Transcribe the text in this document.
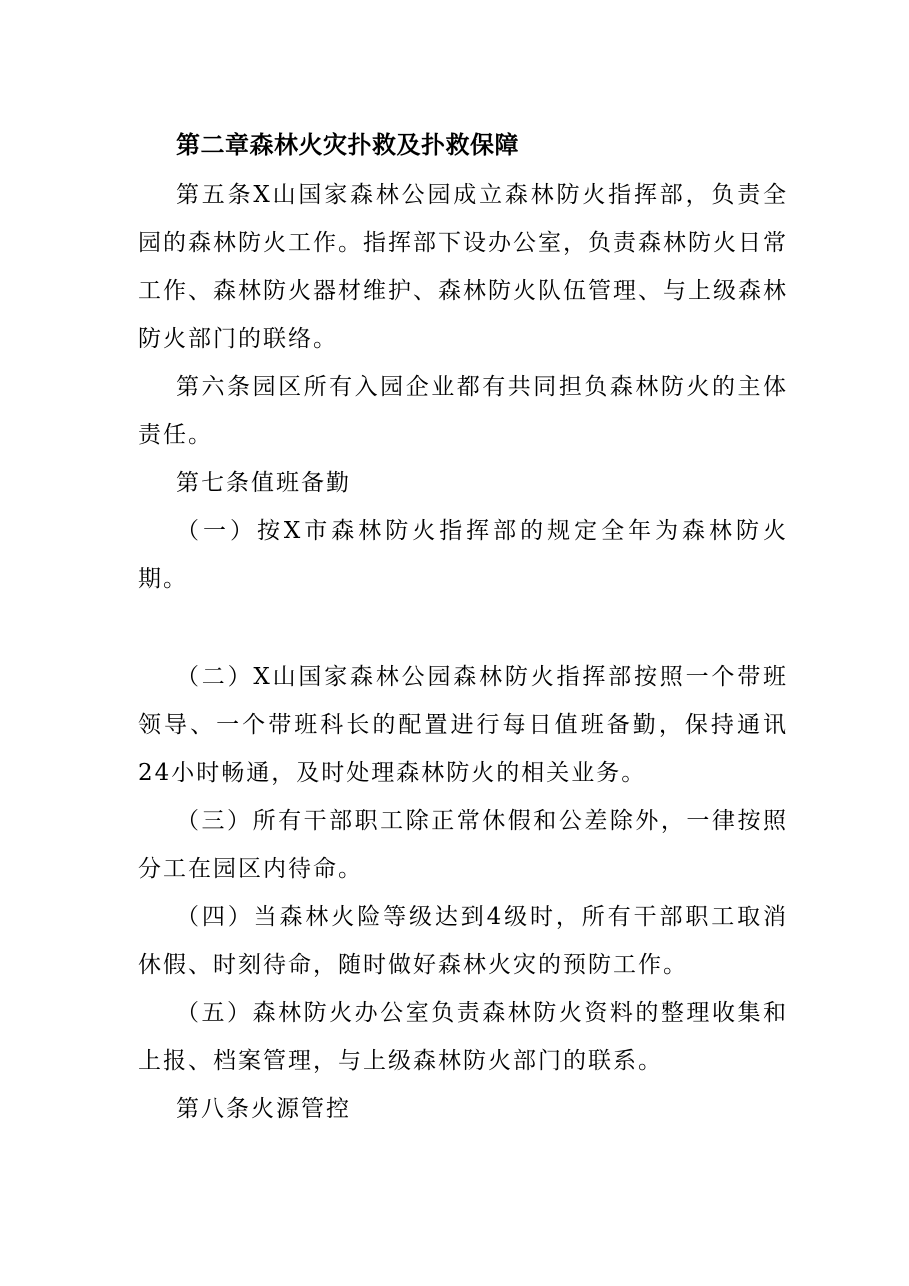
第二章森林火灾扑救及扑救保障

第五条X山国家森林公园成立森林防火指挥部，负责全园的森林防火工作。指挥部下设办公室，负责森林防火日常工作、森林防火器材维护、森林防火队伍管理、与上级森林防火部门的联络。

第六条园区所有入园企业都有共同担负森林防火的主体责任。

第七条值班备勤

（一）按X市森林防火指挥部的规定全年为森林防火期。

（二）X山国家森林公园森林防火指挥部按照一个带班领导、一个带班科长的配置进行每日值班备勤，保持通讯24小时畅通，及时处理森林防火的相关业务。

（三）所有干部职工除正常休假和公差除外，一律按照分工在园区内待命。

（四）当森林火险等级达到4级时，所有干部职工取消休假、时刻待命，随时做好森林火灾的预防工作。

（五）森林防火办公室负责森林防火资料的整理收集和上报、档案管理，与上级森林防火部门的联系。

第八条火源管控
